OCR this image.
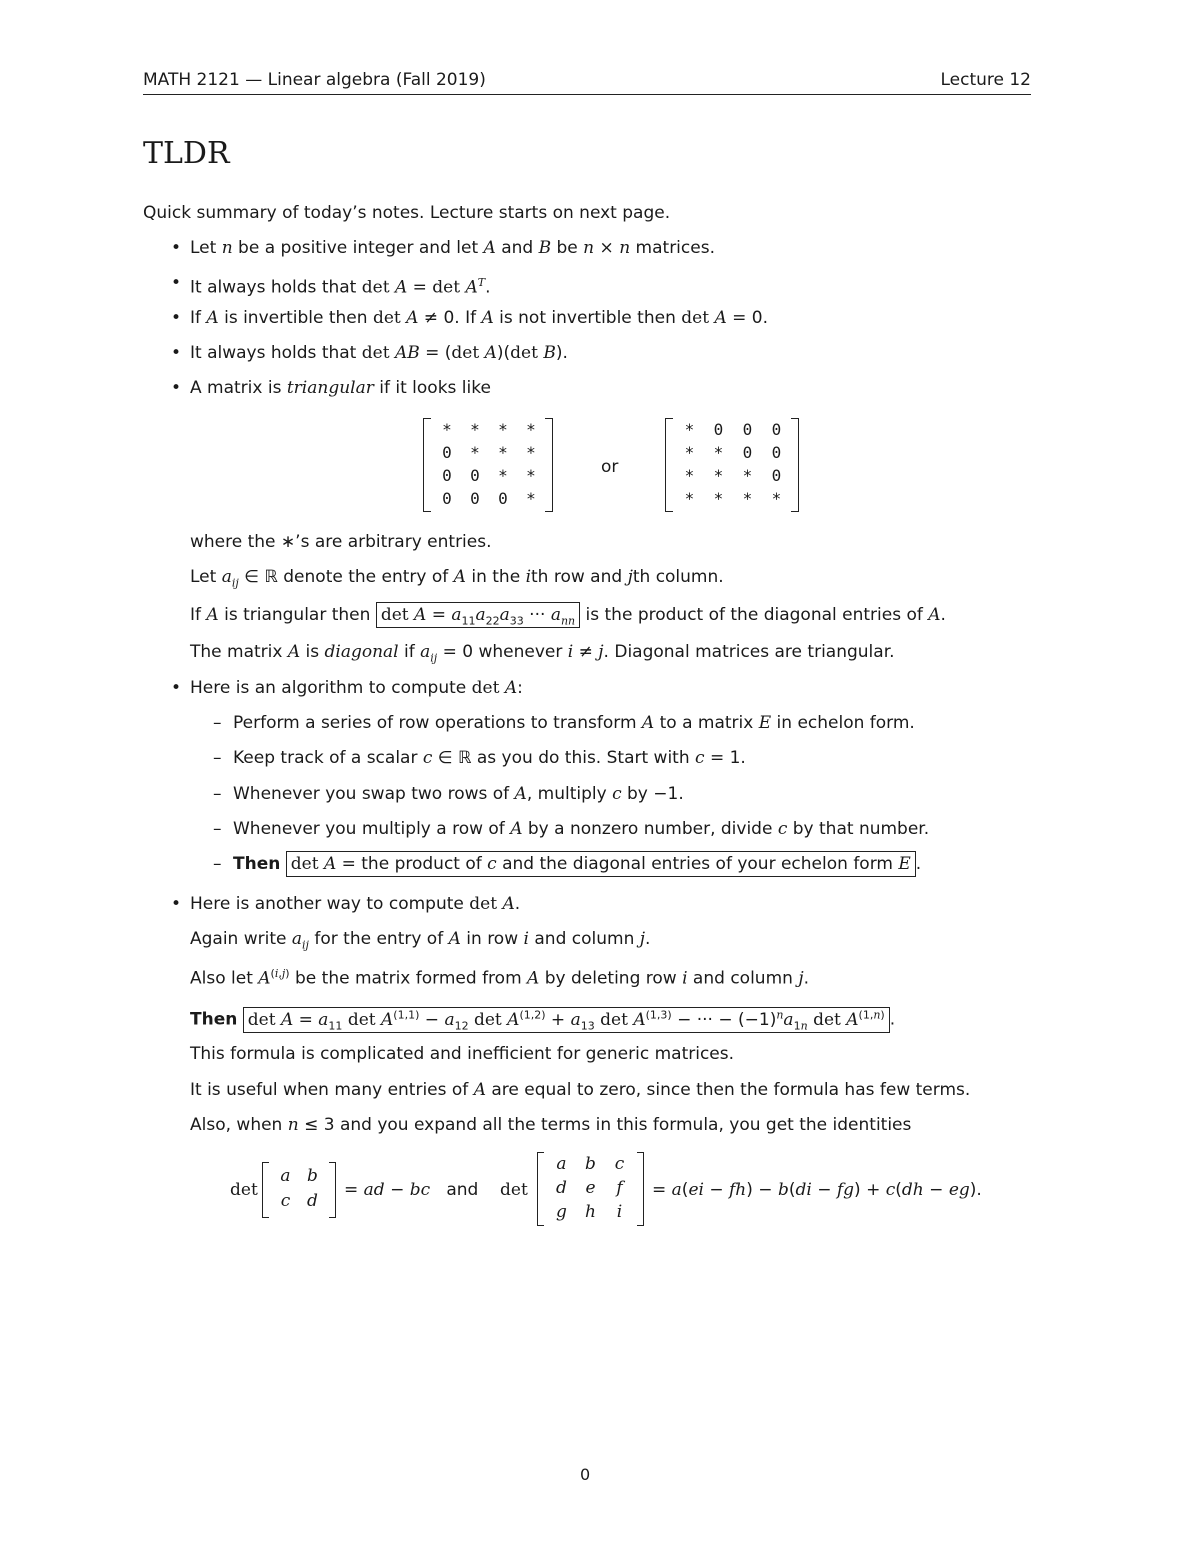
MATH 2121 — Linear algebra (Fall 2019)	Lecture 12
TLDR
Quick summary of today’s notes. Lecture starts on next page.
• Let n be a positive integer and let A and B be n × n matrices.
• It always holds that $\det A = \det A^T$.
• If A is invertible then det A ≠ 0. If A is not invertible then det A = 0.
• It always holds that det AB = (det A)(det B).
• A matrix is triangular if it looks like
*	*	*	*
0	*	*	*
0	0	*	*
0	0	0	*
or
*	0	0	0
*	*	0	0
*	*	*	0
*	*	*	*
where the ∗’s are arbitrary entries.
Let $a_{ij}$ ∈ ℝ denote the entry of A in the ith row and jth column.
If A is triangular then $\det A = a_{11}a_{22}a_{33}$ ··· $a_{nn}$ is the product of the diagonal entries of A.
The matrix A is diagonal if $a_{ij} = 0$ whenever i ≠ j. Diagonal matrices are triangular.
• Here is an algorithm to compute det A:
– Perform a series of row operations to transform A to a matrix E in echelon form.
– Keep track of a scalar c ∈ ℝ as you do this. Start with c = 1.
– Whenever you swap two rows of A, multiply c by −1.
– Whenever you multiply a row of A by a nonzero number, divide c by that number.
– Then det A = the product of c and the diagonal entries of your echelon form E .
• Here is another way to compute det A.
Again write $a_{ij}$ for the entry of A in row i and column j.
Also let A$^{(i,j)}$ be the matrix formed from A by deleting row i and column j.
Then $\det A = a_{11}$ $\det A^{(1,1)} - a_{12}$ $\det A^{(1,2)} + a_{13}$ det A$^{(1,3)}$ − ··· − $(-1)^na_{1n}$ det A$^{(1,n)}$ .
This formula is complicated and inefficient for generic matrices.
It is useful when many entries of A are equal to zero, since then the formula has few terms.
Also, when n ≤ 3 and you expand all the terms in this formula, you get the identities
det
a b
c d
= ad − bc   and det
a	b	c
d	e	f
g	h	i
= a(ei − fh) − b(di − fg) + c(dh − eg).
0
